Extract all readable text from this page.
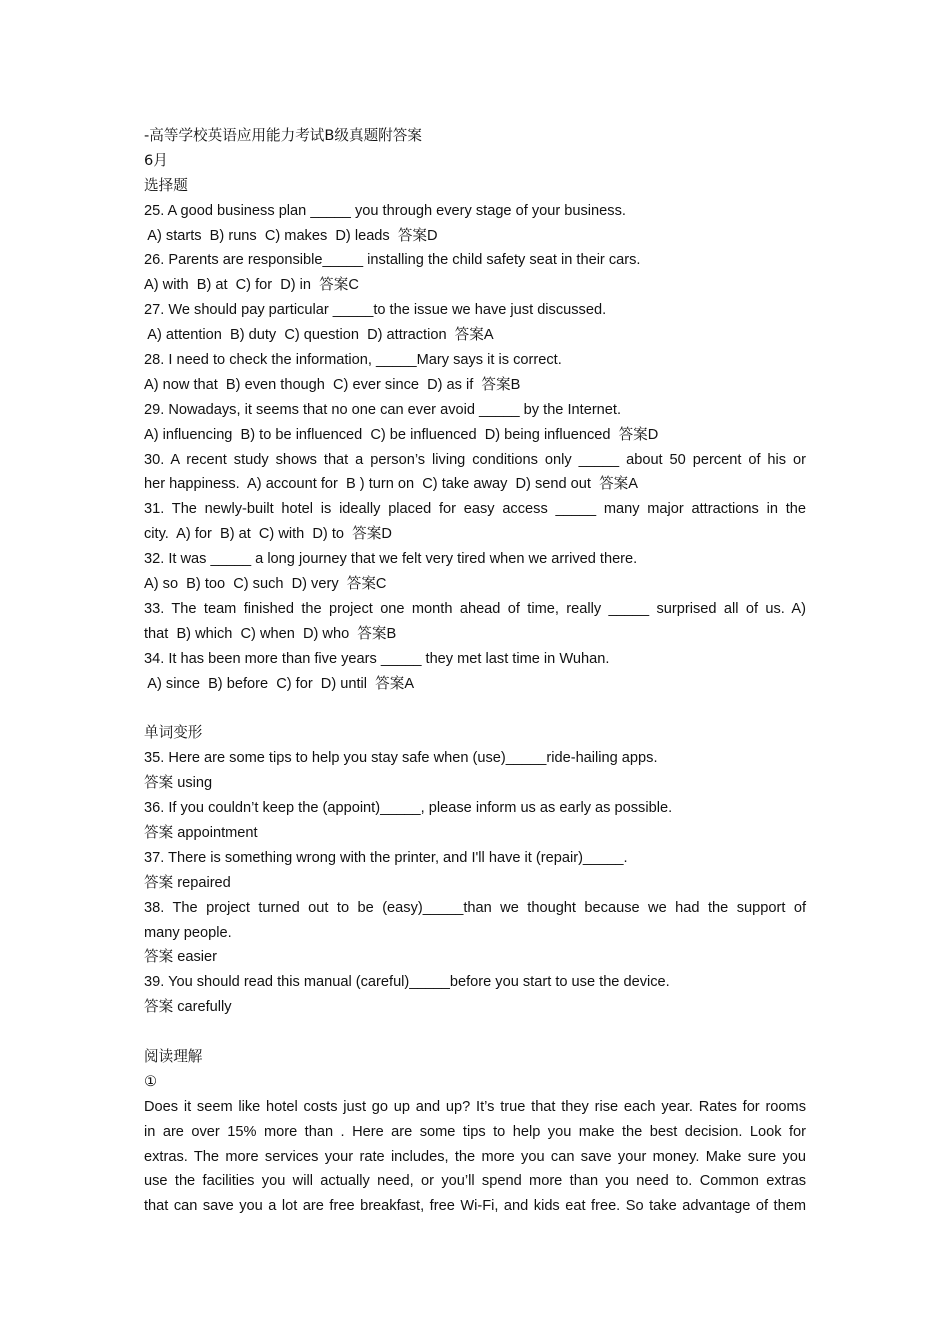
-高等学校英语应用能力考试B级真题附答案
6月
选择题
25. A good business plan _____ you through every stage of your business.
A) starts  B) runs  C) makes  D) leads  答案D
26. Parents are responsible_____ installing the child safety seat in their cars.
A) with  B) at  C) for  D) in  答案C
27. We should pay particular _____to the issue we have just discussed.
A) attention  B) duty  C) question  D) attraction  答案A
28. I need to check the information, _____Mary says it is correct.
A) now that  B) even though  C) ever since  D) as if  答案B
29. Nowadays, it seems that no one can ever avoid _____ by the Internet.
A) influencing  B) to be influenced  C) be influenced  D) being influenced  答案D
30. A recent study shows that a person’s living conditions only _____ about 50 percent of his or
her happiness.  A) account for  B ) turn on  C) take away  D) send out  答案A
31. The newly-built hotel is ideally placed for easy access _____ many major attractions in the
city.  A) for  B) at  C) with  D) to  答案D
32. It was _____ a long journey that we felt very tired when we arrived there.
A) so  B) too  C) such  D) very  答案C
33. The team finished the project one month ahead of time, really _____ surprised all of us. A)
that  B) which  C) when  D) who  答案B
34. It has been more than five years _____ they met last time in Wuhan.
A) since  B) before  C) for  D) until  答案A
单词变形
35. Here are some tips to help you stay safe when (use)_____ride-hailing apps.
答案 using
36. If you couldn’t keep the (appoint)_____, please inform us as early as possible.
答案 appointment
37. There is something wrong with the printer, and I'll have it (repair)_____.
答案 repaired
38. The project turned out to be (easy)_____than we thought because we had the support of
many people.
答案 easier
39. You should read this manual (careful)_____before you start to use the device.
答案 carefully
阅读理解
①
Does it seem like hotel costs just go up and up? It’s true that they rise each year. Rates for rooms
in are over 15% more than . Here are some tips to help you make the best decision. Look for
extras. The more services your rate includes, the more you can save your money. Make sure you
use the facilities you will actually need, or you’ll spend more than you need to. Common extras
that can save you a lot are free breakfast, free Wi-Fi, and kids eat free. So take advantage of them
